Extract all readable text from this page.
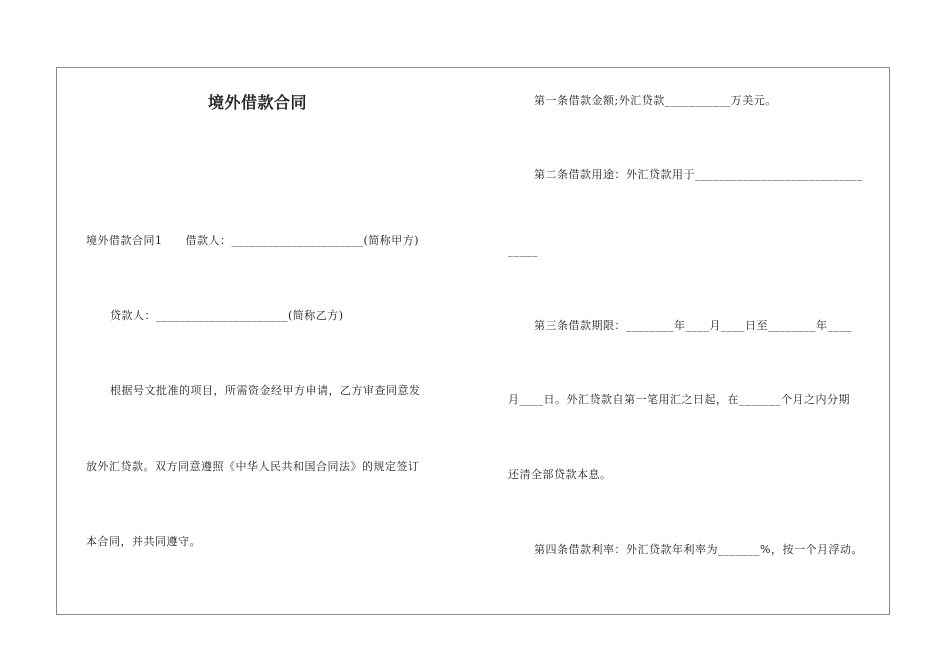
境外借款合同
境外借款合同1　　借款人：______________________(简称甲方)
贷款人：______________________(简称乙方)
根据号文批准的项目，所需资金经甲方申请，乙方审查同意发
放外汇贷款。双方同意遵照《中华人民共和国合同法》的规定签订
本合同，并共同遵守。
第一条借款金额;外汇贷款___________万美元。
第二条借款用途：外汇贷款用于____________________________
_____
第三条借款期限：________年____月____日至________年____
月____日。外汇贷款自第一笔用汇之日起，在_______个月之内分期
还清全部贷款本息。
第四条借款利率：外汇贷款年利率为_______%，按一个月浮动。
